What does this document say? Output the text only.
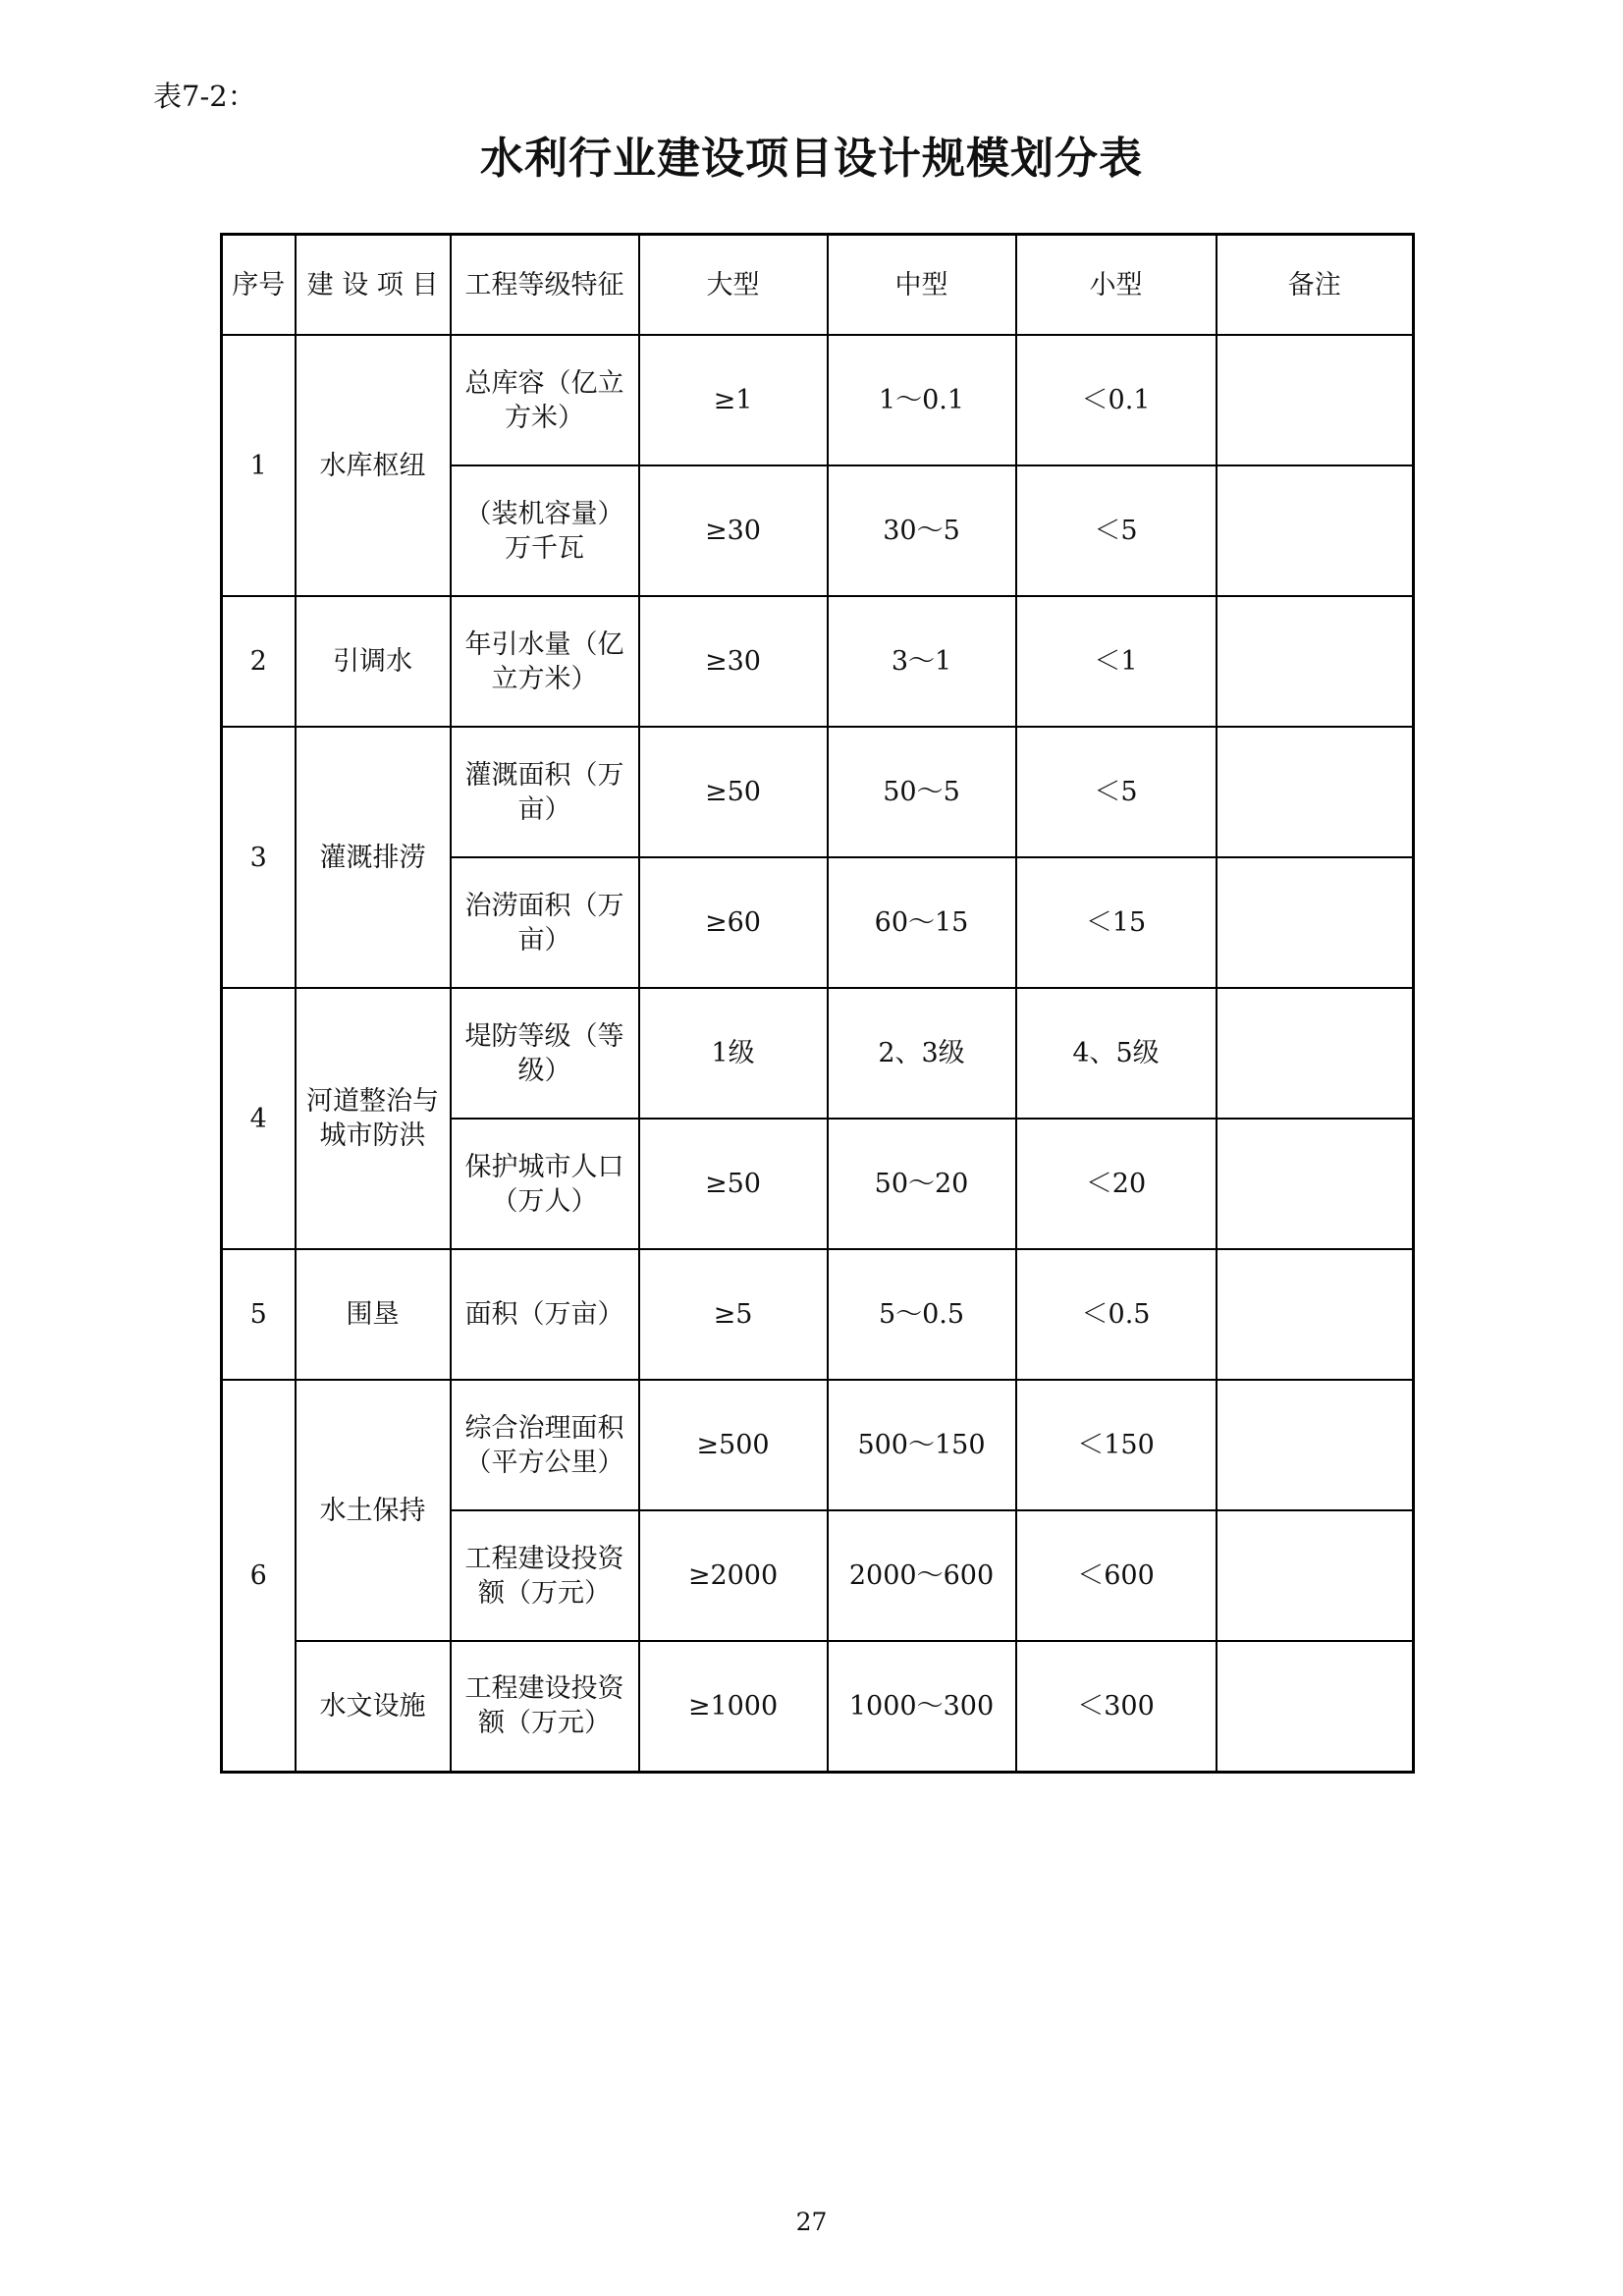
表7-2：
水利行业建设项目设计规模划分表
序号	建 设 项 目	工程等级特征	大型	中型	小型	备注
1	水库枢纽	总库容（亿立方米）	≥1	1～0.1	＜0.1	
		（装机容量）万千瓦	≥30	30～5	＜5	
2	引调水	年引水量（亿立方米）	≥30	3～1	＜1	
3	灌溉排涝	灌溉面积（万亩）	≥50	50～5	＜5	
		治涝面积（万亩）	≥60	60～15	＜15	
4	河道整治与城市防洪	堤防等级（等级）	1级	2、3级	4、5级	
		保护城市人口（万人）	≥50	50～20	＜20	
5	围垦	面积（万亩）	≥5	5～0.5	＜0.5	
6	水土保持	综合治理面积（平方公里）	≥500	500～150	＜150	
		工程建设投资额（万元）	≥2000	2000～600	＜600	
	水文设施	工程建设投资额（万元）	≥1000	1000～300	＜300	
27
